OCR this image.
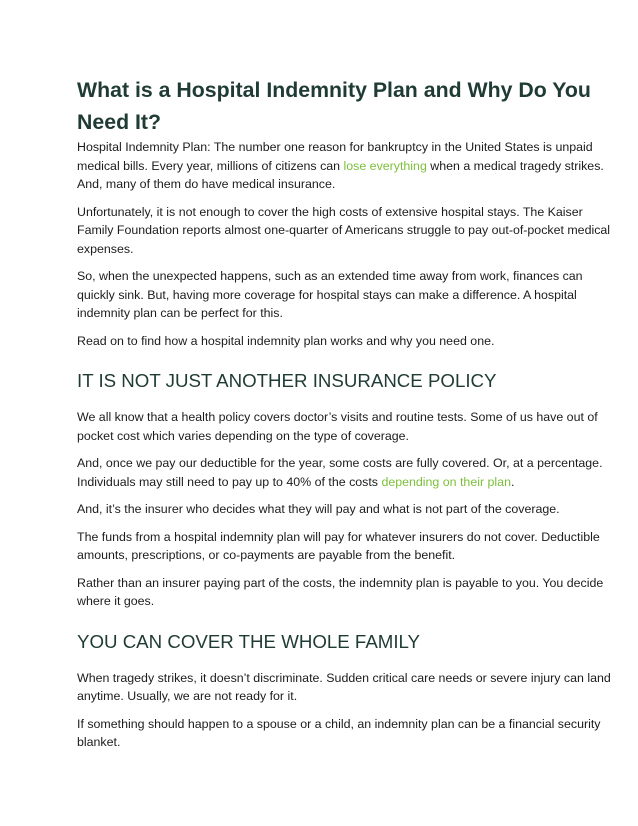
What is a Hospital Indemnity Plan and Why Do You Need It?

Hospital Indemnity Plan: The number one reason for bankruptcy in the United States is unpaid medical bills. Every year, millions of citizens can lose everything when a medical tragedy strikes. And, many of them do have medical insurance.

Unfortunately, it is not enough to cover the high costs of extensive hospital stays. The Kaiser Family Foundation reports almost one-quarter of Americans struggle to pay out-of-pocket medical expenses.

So, when the unexpected happens, such as an extended time away from work, finances can quickly sink. But, having more coverage for hospital stays can make a difference. A hospital indemnity plan can be perfect for this.

Read on to find how a hospital indemnity plan works and why you need one.

IT IS NOT JUST ANOTHER INSURANCE POLICY

We all know that a health policy covers doctor’s visits and routine tests. Some of us have out of pocket cost which varies depending on the type of coverage.

And, once we pay our deductible for the year, some costs are fully covered. Or, at a percentage. Individuals may still need to pay up to 40% of the costs depending on their plan.

And, it’s the insurer who decides what they will pay and what is not part of the coverage.

The funds from a hospital indemnity plan will pay for whatever insurers do not cover. Deductible amounts, prescriptions, or co-payments are payable from the benefit.

Rather than an insurer paying part of the costs, the indemnity plan is payable to you. You decide where it goes.

YOU CAN COVER THE WHOLE FAMILY

When tragedy strikes, it doesn’t discriminate. Sudden critical care needs or severe injury can land anytime. Usually, we are not ready for it.

If something should happen to a spouse or a child, an indemnity plan can be a financial security blanket.
